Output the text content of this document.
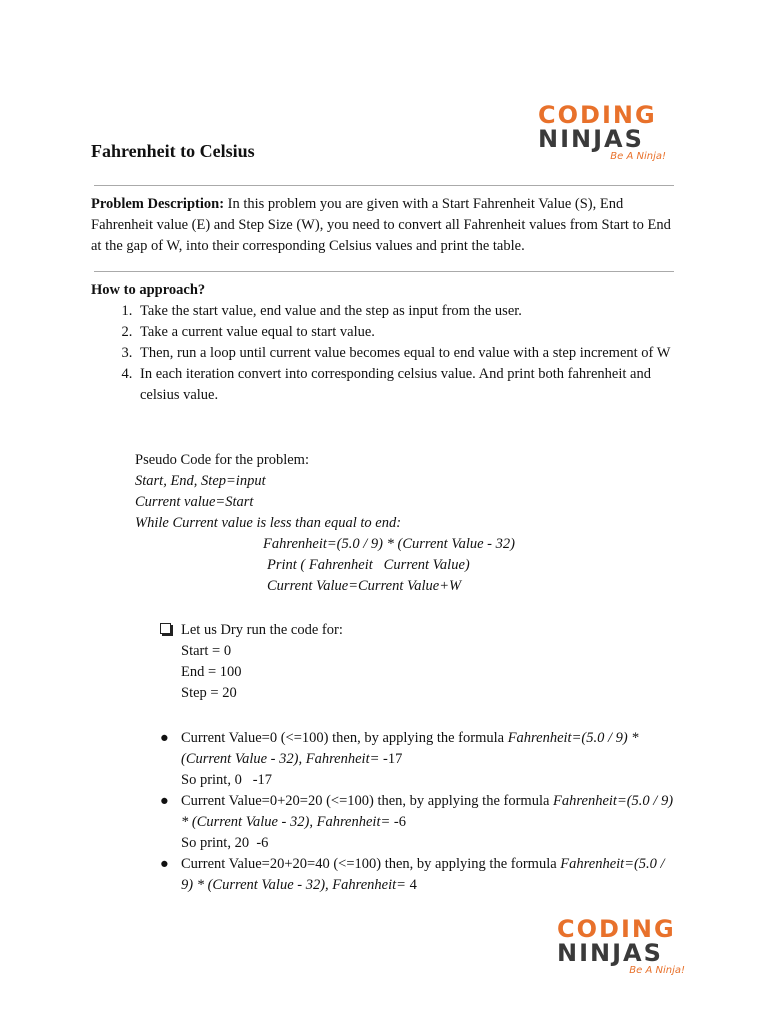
CODING
NINJAS
Be A Ninja!
Fahrenheit to Celsius
Problem Description: In this problem you are given with a Start Fahrenheit Value (S), End Fahrenheit value (E) and Step Size (W), you need to convert all Fahrenheit values from Start to End at the gap of W, into their corresponding Celsius values and print the table.
How to approach?
1. Take the start value, end value and the step as input from the user.
2. Take a current value equal to start value.
3. Then, run a loop until current value becomes equal to end value with a step increment of W
4. In each iteration convert into corresponding celsius value. And print both fahrenheit and celsius value.
Pseudo Code for the problem:
Start, End, Step=input
Current value=Start
While Current value is less than equal to end:
Fahrenheit=(5.0 / 9) * (Current Value - 32)
Print ( Fahrenheit   Current Value)
Current Value=Current Value+W
Let us Dry run the code for:
Start = 0
End = 100
Step = 20
● Current Value=0 (<=100) then, by applying the formula Fahrenheit=(5.0 / 9) * (Current Value - 32), Fahrenheit= -17
So print, 0   -17
● Current Value=0+20=20 (<=100) then, by applying the formula Fahrenheit=(5.0 / 9) * (Current Value - 32), Fahrenheit= -6
So print, 20  -6
● Current Value=20+20=40 (<=100) then, by applying the formula Fahrenheit=(5.0 / 9) * (Current Value - 32), Fahrenheit= 4
CODING
NINJAS
Be A Ninja!
